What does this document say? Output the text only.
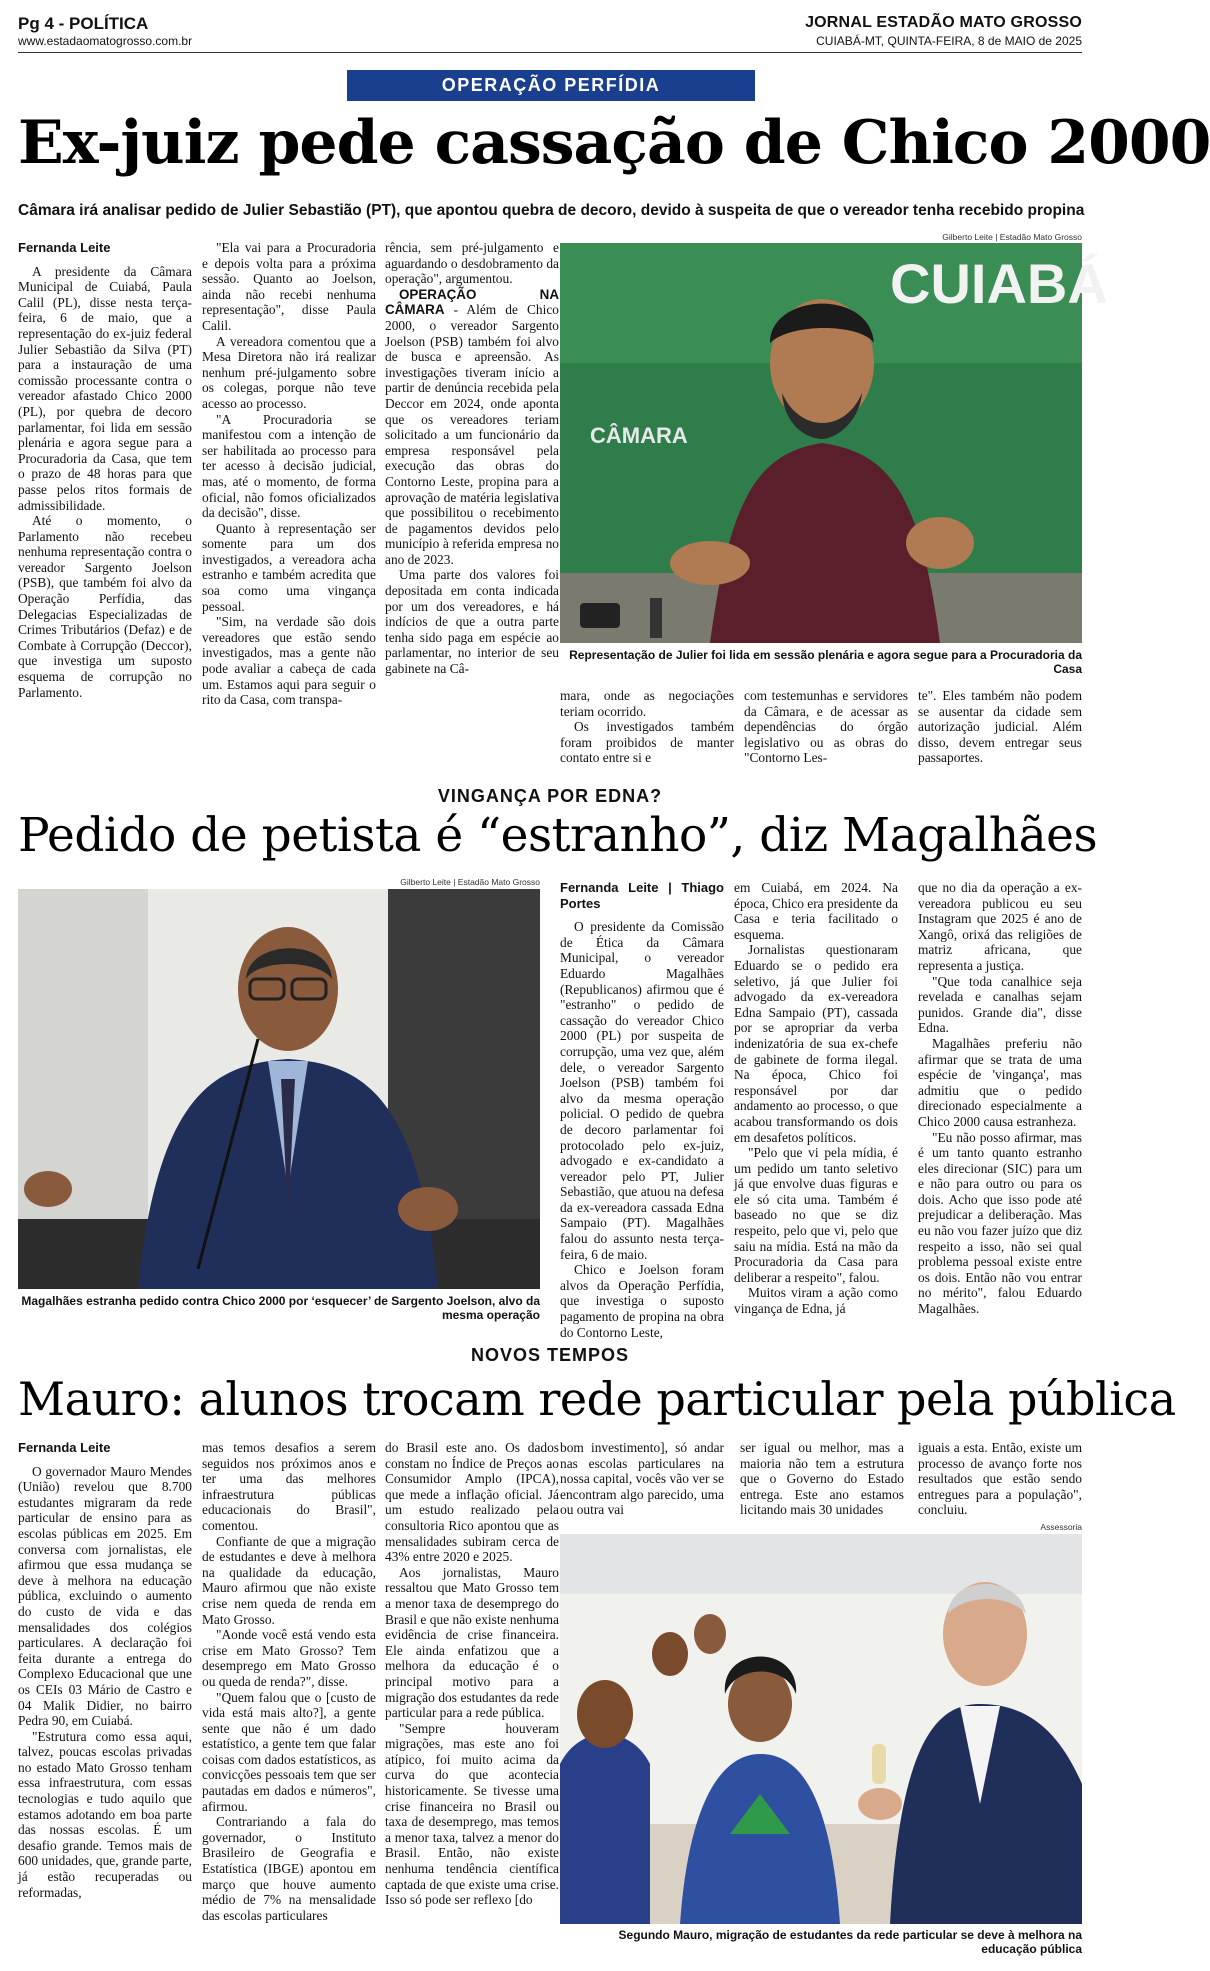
Pg 4 - POLÍTICA
www.estadaomatogrosso.com.br
JORNAL ESTADÃO MATO GROSSO
CUIABÁ-MT, QUINTA-FEIRA, 8 de MAIO de 2025
OPERAÇÃO PERFÍDIA
Ex-juiz pede cassação de Chico 2000
Câmara irá analisar pedido de Julier Sebastião (PT), que apontou quebra de decoro, devido à suspeita de que o vereador tenha recebido propina

Fernanda Leite

A presidente da Câmara Municipal de Cuiabá, Paula Calil (PL), disse nesta terça-feira, 6 de maio, que a representação do ex-juiz federal Julier Sebastião da Silva (PT) para a instauração de uma comissão processante contra o vereador afastado Chico 2000 (PL), por quebra de decoro parlamentar, foi lida em sessão plenária e agora segue para a Procuradoria da Casa, que tem o prazo de 48 horas para que passe pelos ritos formais de admissibilidade.

Até o momento, o Parlamento não recebeu nenhuma representação contra o vereador Sargento Joelson (PSB), que também foi alvo da Operação Perfídia, das Delegacias Especializadas de Crimes Tributários (Defaz) e de Combate à Corrupção (Deccor), que investiga um suposto esquema de corrupção no Parlamento.

"Ela vai para a Procuradoria e depois volta para a próxima sessão. Quanto ao Joelson, ainda não recebi nenhuma representação", disse Paula Calil.

A vereadora comentou que a Mesa Diretora não irá realizar nenhum pré-julgamento sobre os colegas, porque não teve acesso ao processo.

"A Procuradoria se manifestou com a intenção de ser habilitada ao processo para ter acesso à decisão judicial, mas, até o momento, de forma oficial, não fomos oficializados da decisão", disse.

Quanto à representação ser somente para um dos investigados, a vereadora acha estranho e também acredita que soa como uma vingança pessoal.

"Sim, na verdade são dois vereadores que estão sendo investigados, mas a gente não pode avaliar a cabeça de cada um. Estamos aqui para seguir o rito da Casa, com transpa-

rência, sem pré-julgamento e aguardando o desdobramento da operação", argumentou.

OPERAÇÃO NA CÂMARA - Além de Chico 2000, o vereador Sargento Joelson (PSB) também foi alvo de busca e apreensão. As investigações tiveram início a partir de denúncia recebida pela Deccor em 2024, onde aponta que os vereadores teriam solicitado a um funcionário da empresa responsável pela execução das obras do Contorno Leste, propina para a aprovação de matéria legislativa que possibilitou o recebimento de pagamentos devidos pelo município à referida empresa no ano de 2023.

Uma parte dos valores foi depositada em conta indicada por um dos vereadores, e há indícios de que a outra parte tenha sido paga em espécie ao parlamentar, no interior de seu gabinete na Câ-

Gilberto Leite | Estadão Mato Grosso
CUIABÁ
CÂMARA
Representação de Julier foi lida em sessão plenária e agora segue para a Procuradoria da Casa

mara, onde as negociações teriam ocorrido.

Os investigados também foram proibidos de manter contato entre si e

com testemunhas e servidores da Câmara, e de acessar as dependências do órgão legislativo ou as obras do "Contorno Les-

te". Eles também não podem se ausentar da cidade sem autorização judicial. Além disso, devem entregar seus passaportes.

VINGANÇA POR EDNA?
Pedido de petista é “estranho”, diz Magalhães
Gilberto Leite | Estadão Mato Grosso
Magalhães estranha pedido contra Chico 2000 por ‘esquecer’ de Sargento Joelson, alvo da mesma operação

Fernanda Leite | Thiago Portes

O presidente da Comissão de Ética da Câmara Municipal, o vereador Eduardo Magalhães (Republicanos) afirmou que é "estranho" o pedido de cassação do vereador Chico 2000 (PL) por suspeita de corrupção, uma vez que, além dele, o vereador Sargento Joelson (PSB) também foi alvo da mesma operação policial. O pedido de quebra de decoro parlamentar foi protocolado pelo ex-juiz, advogado e ex-candidato a vereador pelo PT, Julier Sebastião, que atuou na defesa da ex-vereadora cassada Edna Sampaio (PT). Magalhães falou do assunto nesta terça-feira, 6 de maio.

Chico e Joelson foram alvos da Operação Perfídia, que investiga o suposto pagamento de propina na obra do Contorno Leste,

em Cuiabá, em 2024. Na época, Chico era presidente da Casa e teria facilitado o esquema.

Jornalistas questionaram Eduardo se o pedido era seletivo, já que Julier foi advogado da ex-vereadora Edna Sampaio (PT), cassada por se apropriar da verba indenizatória de sua ex-chefe de gabinete de forma ilegal. Na época, Chico foi responsável por dar andamento ao processo, o que acabou transformando os dois em desafetos políticos.

"Pelo que vi pela mídia, é um pedido um tanto seletivo já que envolve duas figuras e ele só cita uma. Também é baseado no que se diz respeito, pelo que vi, pelo que saiu na mídia. Está na mão da Procuradoria da Casa para deliberar a respeito", falou.

Muitos viram a ação como vingança de Edna, já

que no dia da operação a ex-vereadora publicou eu seu Instagram que 2025 é ano de Xangô, orixá das religiões de matriz africana, que representa a justiça.

"Que toda canalhice seja revelada e canalhas sejam punidos. Grande dia", disse Edna.

Magalhães preferiu não afirmar que se trata de uma espécie de 'vingança', mas admitiu que o pedido direcionado especialmente a Chico 2000 causa estranheza.

"Eu não posso afirmar, mas é um tanto quanto estranho eles direcionar (SIC) para um e não para outro ou para os dois. Acho que isso pode até prejudicar a deliberação. Mas eu não vou fazer juízo que diz respeito a isso, não sei qual problema pessoal existe entre os dois. Então não vou entrar no mérito", falou Eduardo Magalhães.

NOVOS TEMPOS
Mauro: alunos trocam rede particular pela pública

Fernanda Leite

O governador Mauro Mendes (União) revelou que 8.700 estudantes migraram da rede particular de ensino para as escolas públicas em 2025. Em conversa com jornalistas, ele afirmou que essa mudança se deve à melhora na educação pública, excluindo o aumento do custo de vida e das mensalidades dos colégios particulares. A declaração foi feita durante a entrega do Complexo Educacional que une os CEIs 03 Mário de Castro e 04 Malik Didier, no bairro Pedra 90, em Cuiabá.

"Estrutura como essa aqui, talvez, poucas escolas privadas no estado Mato Grosso tenham essa infraestrutura, com essas tecnologias e tudo aquilo que estamos adotando em boa parte das nossas escolas. É um desafio grande. Temos mais de 600 unidades, que, grande parte, já estão recuperadas ou reformadas,

mas temos desafios a serem seguidos nos próximos anos e ter uma das melhores infraestrutura públicas educacionais do Brasil", comentou.

Confiante de que a migração de estudantes e deve à melhora na qualidade da educação, Mauro afirmou que não existe crise nem queda de renda em Mato Grosso.

"Aonde você está vendo esta crise em Mato Grosso? Tem desemprego em Mato Grosso ou queda de renda?", disse.

"Quem falou que o [custo de vida está mais alto?], a gente sente que não é um dado estatístico, a gente tem que falar coisas com dados estatísticos, as convicções pessoais tem que ser pautadas em dados e números", afirmou.

Contrariando a fala do governador, o Instituto Brasileiro de Geografia e Estatística (IBGE) apontou em março que houve aumento médio de 7% na mensalidade das escolas particulares

do Brasil este ano. Os dados constam no Índice de Preços ao Consumidor Amplo (IPCA), que mede a inflação oficial. Já um estudo realizado pela consultoria Rico apontou que as mensalidades subiram cerca de 43% entre 2020 e 2025.

Aos jornalistas, Mauro ressaltou que Mato Grosso tem a menor taxa de desemprego do Brasil e que não existe nenhuma evidência de crise financeira. Ele ainda enfatizou que a melhora da educação é o principal motivo para a migração dos estudantes da rede particular para a rede pública.

"Sempre houveram migrações, mas este ano foi atípico, foi muito acima da curva do que acontecia historicamente. Se tivesse uma crise financeira no Brasil ou taxa de desemprego, mas temos a menor taxa, talvez a menor do Brasil. Então, não existe nenhuma tendência científica captada de que existe uma crise. Isso só pode ser reflexo [do

bom investimento], só andar nas escolas particulares na nossa capital, vocês vão ver se encontram algo parecido, uma ou outra vai

ser igual ou melhor, mas a maioria não tem a estrutura que o Governo do Estado entrega. Este ano estamos licitando mais 30 unidades

iguais a esta. Então, existe um processo de avanço forte nos resultados que estão sendo entregues para a população", concluiu.

Assessoria
Segundo Mauro, migração de estudantes da rede particular se deve à melhora na educação pública
